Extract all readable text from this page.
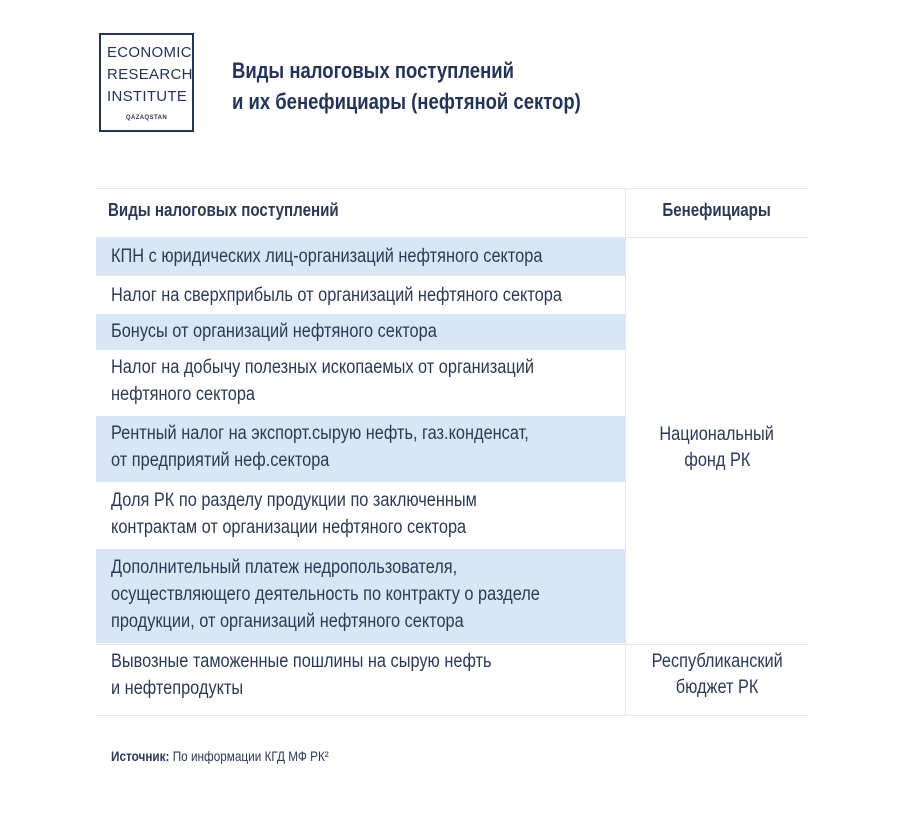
ECONOMIC
RESEARCH
INSTITUTE
QAZAQSTAN
Виды налоговых поступлений
и их бенефициары (нефтяной сектор)
Виды налоговых поступлений	Бенефициары
КПН с юридических лиц-организаций нефтяного сектора
Налог на сверхприбыль от организаций нефтяного сектора
Бонусы от организаций нефтяного сектора
Налог на добычу полезных ископаемых от организаций
нефтяного сектора
Рентный налог на экспорт.сырую нефть, газ.конденсат,
от предприятий неф.сектора
Доля РК по разделу продукции по заключенным
контрактам от организации нефтяного сектора
Дополнительный платеж недропользователя,
осуществляющего деятельность по контракту о разделе
продукции, от организаций нефтяного сектора
Национальный
фонд РК
Вывозные таможенные пошлины на сырую нефть
и нефтепродукты
Республиканский
бюджет РК
Источник: По информации КГД МФ РК²
